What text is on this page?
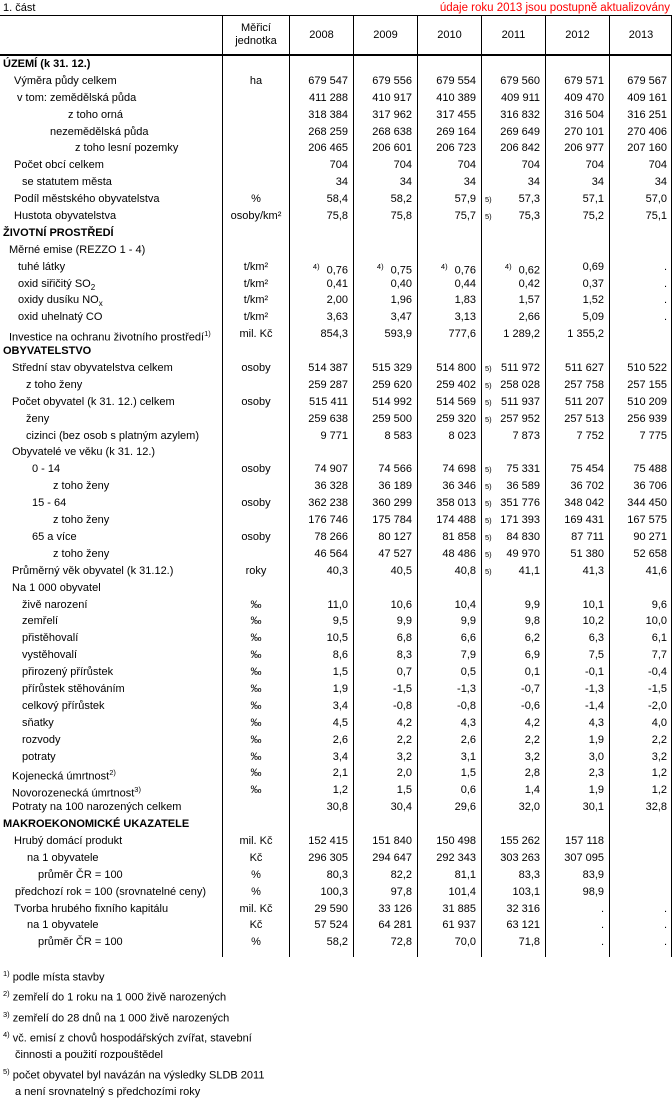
1. část	údaje roku 2013 jsou postupně aktualizovány
Měřicí jednotka
2008	2009	2010	2011	2012	2013
ÚZEMÍ (k 31. 12.)
Výměra půdy celkem	ha	679 547	679 556	679 554	679 560	679 571	679 567
v tom: zemědělská půda	411 288	410 917	410 389	409 911	409 470	409 161
z toho orná	318 384	317 962	317 455	316 832	316 504	316 251
nezemědělská půda	268 259	268 638	269 164	269 649	270 101	270 406
z toho lesní pozemky	206 465	206 601	206 723	206 842	206 977	207 160
Počet obcí celkem	704	704	704	704	704	704
se statutem města	34	34	34	34	34	34
Podíl městského obyvatelstva	%	58,4	58,2	57,9	5) 57,3	57,1	57,0
Hustota obyvatelstva	osoby/km²	75,8	75,8	75,7	5) 75,3	75,2	75,1
ŽIVOTNÍ PROSTŘEDÍ
Měrné emise (REZZO 1 - 4)
tuhé látky	t/km²	$^{4)}$ 0,76	$^{4)}$ 0,75	$^{4)}$ 0,76	$^{4)}$ 0,62	0,69	.
oxid siřičitý $SO_2$	t/km²	0,41	0,40	0,44	0,42	0,37	.
oxidy dusíku $NO_x$	t/km²	2,00	1,96	1,83	1,57	1,52	.
oxid uhelnatý CO	t/km²	3,63	3,47	3,13	2,66	5,09	.
Investice na ochranu životního prostředí$^{1)}$	mil. Kč	854,3	593,9	777,6	1 289,2	1 355,2
OBYVATELSTVO
Střední stav obyvatelstva celkem	osoby	514 387	515 329	514 800	5) 511 972	511 627	510 522
z toho ženy	259 287	259 620	259 402	5) 258 028	257 758	257 155
Počet obyvatel (k 31. 12.) celkem	osoby	515 411	514 992	514 569	5) 511 937	511 207	510 209
ženy	259 638	259 500	259 320	5) 257 952	257 513	256 939
cizinci (bez osob s platným azylem)	9 771	8 583	8 023	7 873	7 752	7 775
Obyvatelé ve věku (k 31. 12.)
0 - 14	osoby	74 907	74 566	74 698	5) 75 331	75 454	75 488
z toho ženy	36 328	36 189	36 346	5) 36 589	36 702	36 706
15 - 64	osoby	362 238	360 299	358 013	5) 351 776	348 042	344 450
z toho ženy	176 746	175 784	174 488	5) 171 393	169 431	167 575
65 a více	osoby	78 266	80 127	81 858	5) 84 830	87 711	90 271
z toho ženy	46 564	47 527	48 486	5) 49 970	51 380	52 658
Průměrný věk obyvatel (k 31.12.)	roky	40,3	40,5	40,8	5) 41,1	41,3	41,6
Na 1 000 obyvatel
živě narození	‰	11,0	10,6	10,4	9,9	10,1	9,6
zemřelí	‰	9,5	9,9	9,9	9,8	10,2	10,0
přistěhovalí	‰	10,5	6,8	6,6	6,2	6,3	6,1
vystěhovalí	‰	8,6	8,3	7,9	6,9	7,5	7,7
přirozený přírůstek	‰	1,5	0,7	0,5	0,1	-0,1	-0,4
přírůstek stěhováním	‰	1,9	-1,5	-1,3	-0,7	-1,3	-1,5
celkový přírůstek	‰	3,4	-0,8	-0,8	-0,6	-1,4	-2,0
sňatky	‰	4,5	4,2	4,3	4,2	4,3	4,0
rozvody	‰	2,6	2,2	2,6	2,2	1,9	2,2
potraty	‰	3,4	3,2	3,1	3,2	3,0	3,2
Kojenecká úmrtnost$^{2)}$	‰	2,1	2,0	1,5	2,8	2,3	1,2
Novorozenecká úmrtnost$^{3)}$	‰	1,2	1,5	0,6	1,4	1,9	1,2
Potraty na 100 narozených celkem	30,8	30,4	29,6	32,0	30,1	32,8
MAKROEKONOMICKÉ UKAZATELE
Hrubý domácí produkt	mil. Kč	152 415	151 840	150 498	155 262	157 118
na 1 obyvatele	Kč	296 305	294 647	292 343	303 263	307 095
průměr ČR = 100	%	80,3	82,2	81,1	83,3	83,9
předchozí rok = 100 (srovnatelné ceny)	%	100,3	97,8	101,4	103,1	98,9
Tvorba hrubého fixního kapitálu	mil. Kč	29 590	33 126	31 885	32 316	.	.
na 1 obyvatele	Kč	57 524	64 281	61 937	63 121	.	.
průměr ČR = 100	%	58,2	72,8	70,0	71,8	.	.
$^{1)}$ podle místa stavby
$^{2)}$ zemřelí do 1 roku na 1 000 živě narozených
$^{3)}$ zemřelí do 28 dnů na 1 000 živě narozených
$^{4)}$ vč. emisí z chovů hospodářských zvířat, stavební
činnosti a použití rozpouštědel
$^{5)}$ počet obyvatel byl navázán na výsledky SLDB 2011
a není srovnatelný s předchozími roky
